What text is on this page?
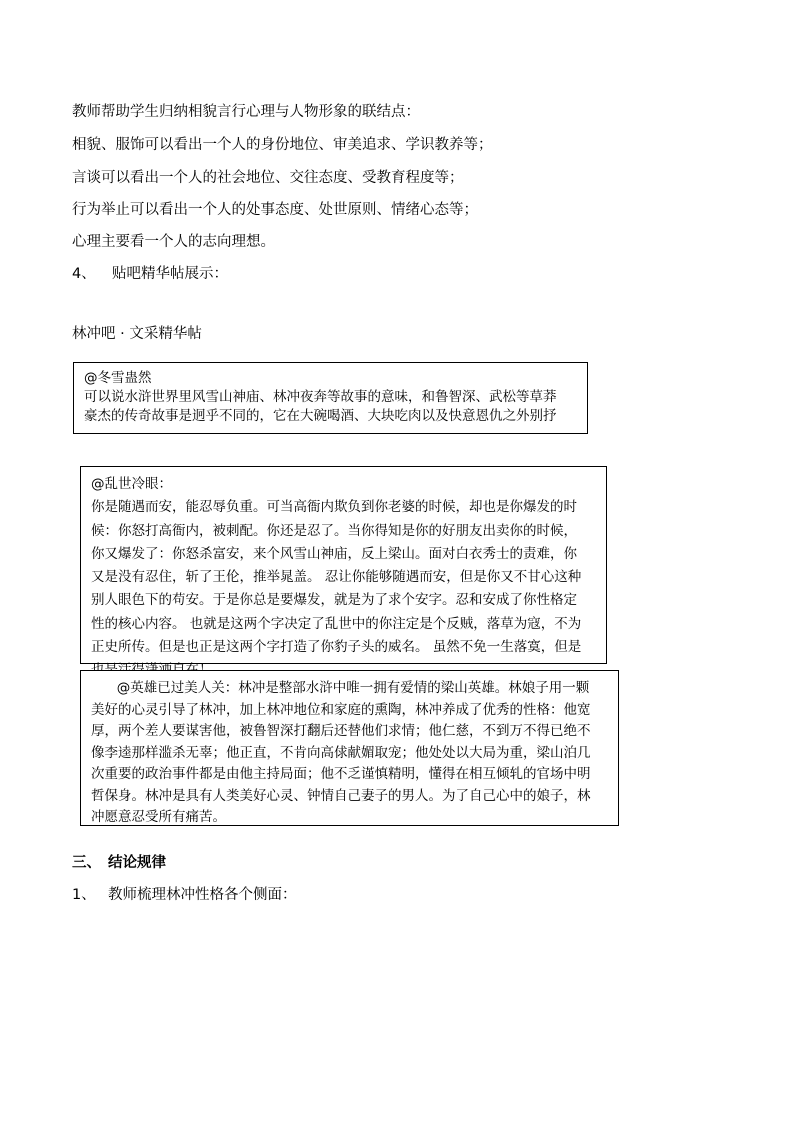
教师帮助学生归纳相貌言行心理与人物形象的联结点：
相貌、服饰可以看出一个人的身份地位、审美追求、学识教养等；
言谈可以看出一个人的社会地位、交往态度、受教育程度等；
行为举止可以看出一个人的处事态度、处世原则、情绪心态等；
心理主要看一个人的志向理想。
4、 贴吧精华帖展示：
林冲吧 · 文采精华帖

@冬雪蛊然

可以说水浒世界里风雪山神庙、林冲夜奔等故事的意味，和鲁智深、武松等草莽

豪杰的传奇故事是迥乎不同的，它在大碗喝酒、大块吃肉以及快意恩仇之外别抒

@乱世冷眼：

你是随遇而安，能忍辱负重。可当高衙内欺负到你老婆的时候，却也是你爆发的时

候：你怒打高衙内，被刺配。你还是忍了。当你得知是你的好朋友出卖你的时候，

你又爆发了：你怒杀富安，来个风雪山神庙，反上梁山。面对白衣秀士的责难，你

又是没有忍住，斩了王伦，推举晁盖。 忍让你能够随遇而安，但是你又不甘心这种

别人眼色下的苟安。于是你总是要爆发，就是为了求个安字。忍和安成了你性格定

性的核心内容。 也就是这两个字决定了乱世中的你注定是个反贼，落草为寇，不为

正史所传。但是也正是这两个字打造了你豹子头的威名。 虽然不免一生落寞，但是

@英雄已过美人关：林冲是整部水浒中唯一拥有爱情的梁山英雄。林娘子用一颗

美好的心灵引导了林冲，加上林冲地位和家庭的熏陶，林冲养成了优秀的性格：他宽

厚，两个差人要谋害他，被鲁智深打翻后还替他们求情；他仁慈，不到万不得已绝不

像李逵那样滥杀无辜；他正直，不肯向高俅献媚取宠；他处处以大局为重，梁山泊几

次重要的政治事件都是由他主持局面；他不乏谨慎精明，懂得在相互倾轧的官场中明

哲保身。林冲是具有人类美好心灵、钟情自己妻子的男人。为了自己心中的娘子，林

冲愿意忍受所有痛苦。

三、 结论规律
1、 教师梳理林冲性格各个侧面：
